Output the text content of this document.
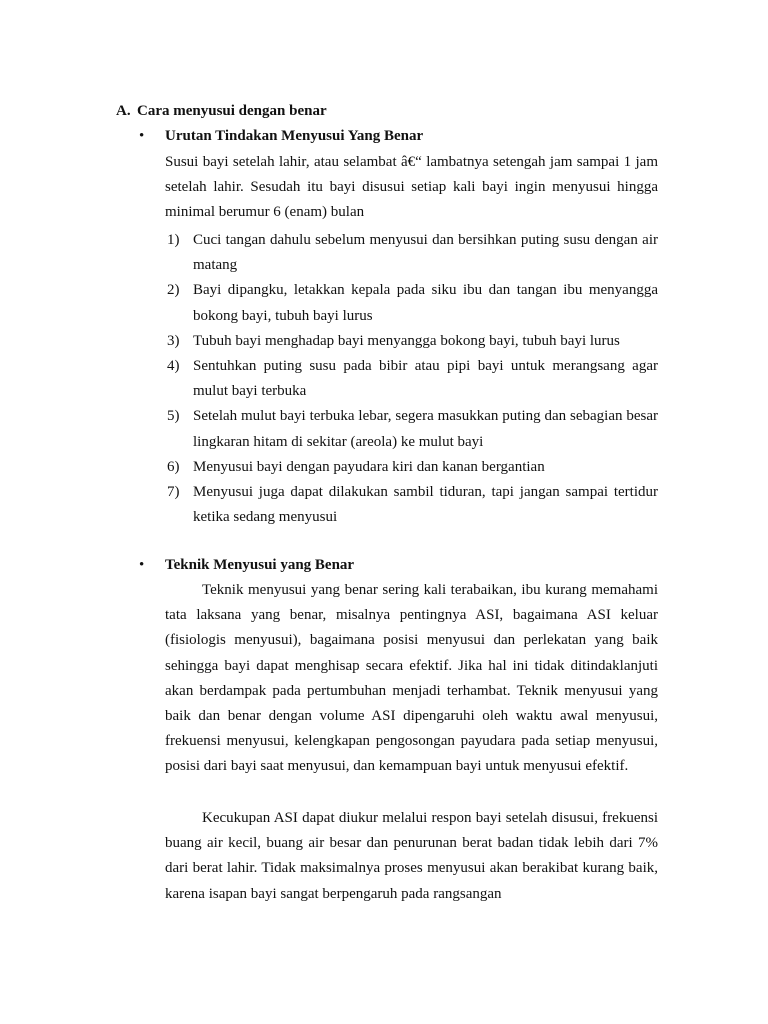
A. Cara menyusui dengan benar
• Urutan Tindakan Menyusui Yang Benar
Susui bayi setelah lahir, atau selambat â€“ lambatnya setengah jam sampai 1 jam setelah lahir. Sesudah itu bayi disusui setiap kali bayi ingin menyusui hingga minimal berumur 6 (enam) bulan
1) Cuci tangan dahulu sebelum menyusui dan bersihkan puting susu dengan air matang
2) Bayi dipangku, letakkan kepala pada siku ibu dan tangan ibu menyangga bokong bayi, tubuh bayi lurus
3) Tubuh bayi menghadap bayi menyangga bokong bayi, tubuh bayi lurus
4) Sentuhkan puting susu pada bibir atau pipi bayi untuk merangsang agar mulut bayi terbuka
5) Setelah mulut bayi terbuka lebar, segera masukkan puting dan sebagian besar lingkaran hitam di sekitar (areola) ke mulut bayi
6) Menyusui bayi dengan payudara kiri dan kanan bergantian
7) Menyusui juga dapat dilakukan sambil tiduran, tapi jangan sampai tertidur ketika sedang menyusui
• Teknik Menyusui yang Benar
Teknik menyusui yang benar sering kali terabaikan, ibu kurang memahami tata laksana yang benar, misalnya pentingnya ASI, bagaimana ASI keluar (fisiologis menyusui), bagaimana posisi menyusui dan perlekatan yang baik sehingga bayi dapat menghisap secara efektif. Jika hal ini tidak ditindaklanjuti akan berdampak pada pertumbuhan menjadi terhambat. Teknik menyusui yang baik dan benar dengan volume ASI dipengaruhi oleh waktu awal menyusui, frekuensi menyusui, kelengkapan pengosongan payudara pada setiap menyusui, posisi dari bayi saat menyusui, dan kemampuan bayi untuk menyusui efektif.
Kecukupan ASI dapat diukur melalui respon bayi setelah disusui, frekuensi buang air kecil, buang air besar dan penurunan berat badan tidak lebih dari 7% dari berat lahir. Tidak maksimalnya proses menyusui akan berakibat kurang baik, karena isapan bayi sangat berpengaruh pada rangsangan
